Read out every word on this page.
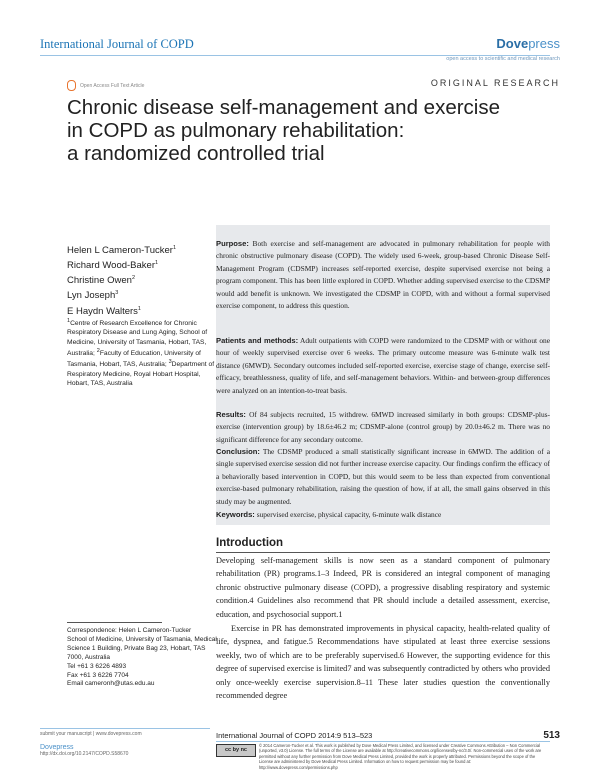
International Journal of COPD	Dovepress
open access to scientific and medical research
Open Access Full Text Article	ORIGINAL RESEARCH
Chronic disease self-management and exercise
in COPD as pulmonary rehabilitation:
a randomized controlled trial
Helen L Cameron-Tucker$^1$
Richard Wood-Baker$^1$
Christine Owen$^2$
Lyn Joseph$^3$
E Haydn Walters$^1$
$^1$Centre of Research Excellence for Chronic Respiratory Disease and Lung Aging, School of Medicine, University of Tasmania, Hobart, TAS, Australia; $^2$Faculty of Education, University of Tasmania, Hobart, TAS, Australia; $^3$Department of Respiratory Medicine, Royal Hobart Hospital, Hobart, TAS, Australia
Purpose: Both exercise and self-management are advocated in pulmonary rehabilitation for people with chronic obstructive pulmonary disease (COPD). The widely used 6-week, group-based Chronic Disease Self-Management Program (CDSMP) increases self-reported exercise, despite supervised exercise not being a program component. This has been little explored in COPD. Whether adding supervised exercise to the CDSMP would add benefit is unknown. We investigated the CDSMP in COPD, with and without a formal supervised exercise component, to address this question.
Patients and methods: Adult outpatients with COPD were randomized to the CDSMP with or without one hour of weekly supervised exercise over 6 weeks. The primary outcome measure was 6-minute walk test distance (6MWD). Secondary outcomes included self-reported exercise, exercise stage of change, exercise self-efficacy, breathlessness, quality of life, and self-management behaviors. Within- and between-group differences were analyzed on an intention-to-treat basis.
Results: Of 84 subjects recruited, 15 withdrew. 6MWD increased similarly in both groups: CDSMP-plus-exercise (intervention group) by 18.6±46.2 m; CDSMP-alone (control group) by 20.0±46.2 m. There was no significant difference for any secondary outcome.
Conclusion: The CDSMP produced a small statistically significant increase in 6MWD. The addition of a single supervised exercise session did not further increase exercise capacity. Our findings confirm the efficacy of a behaviorally based intervention in COPD, but this would seem to be less than expected from conventional exercise-based pulmonary rehabilitation, raising the question of how, if at all, the small gains observed in this study may be augmented.
Keywords: supervised exercise, physical capacity, 6-minute walk distance
Introduction

Developing self-management skills is now seen as a standard component of pulmonary rehabilitation (PR) programs.1–3 Indeed, PR is considered an integral component of managing chronic obstructive pulmonary disease (COPD), a progressive disabling respiratory and systemic condition.4 Guidelines also recommend that PR should include a detailed assessment, exercise, education, and psychosocial support.1

Exercise in PR has demonstrated improvements in physical capacity, health-related quality of life, dyspnea, and fatigue.5 Recommendations have stipulated at least three exercise sessions weekly, two of which are to be preferably supervised.6 However, the supporting evidence for this degree of supervised exercise is limited7 and was subsequently contradicted by others who provided only once-weekly exercise supervision.8–11 These later studies question the conventionally recommended degree

Correspondence: Helen L Cameron-Tucker
School of Medicine, University of Tasmania, Medical Science 1 Building, Private Bag 23, Hobart, TAS 7000, Australia
Tel +61 3 6226 4893
Fax +61 3 6226 7704
Email cameronh@utas.edu.au
submit your manuscript | www.dovepress.com
Dovepress
http://dx.doi.org/10.2147/COPD.S58670
International Journal of COPD 2014:9 513–523	513
cc by nc
© 2014 Cameron-Tucker et al. This work is published by Dove Medical Press Limited, and licensed under Creative Commons Attribution – Non Commercial (unported, v3.0) License. The full terms of the License are available at http://creativecommons.org/licenses/by-nc/3.0/. Non-commercial uses of the work are permitted without any further permission from Dove Medical Press Limited, provided the work is properly attributed. Permissions beyond the scope of the License are administered by Dove Medical Press Limited. Information on how to request permission may be found at: http://www.dovepress.com/permissions.php
